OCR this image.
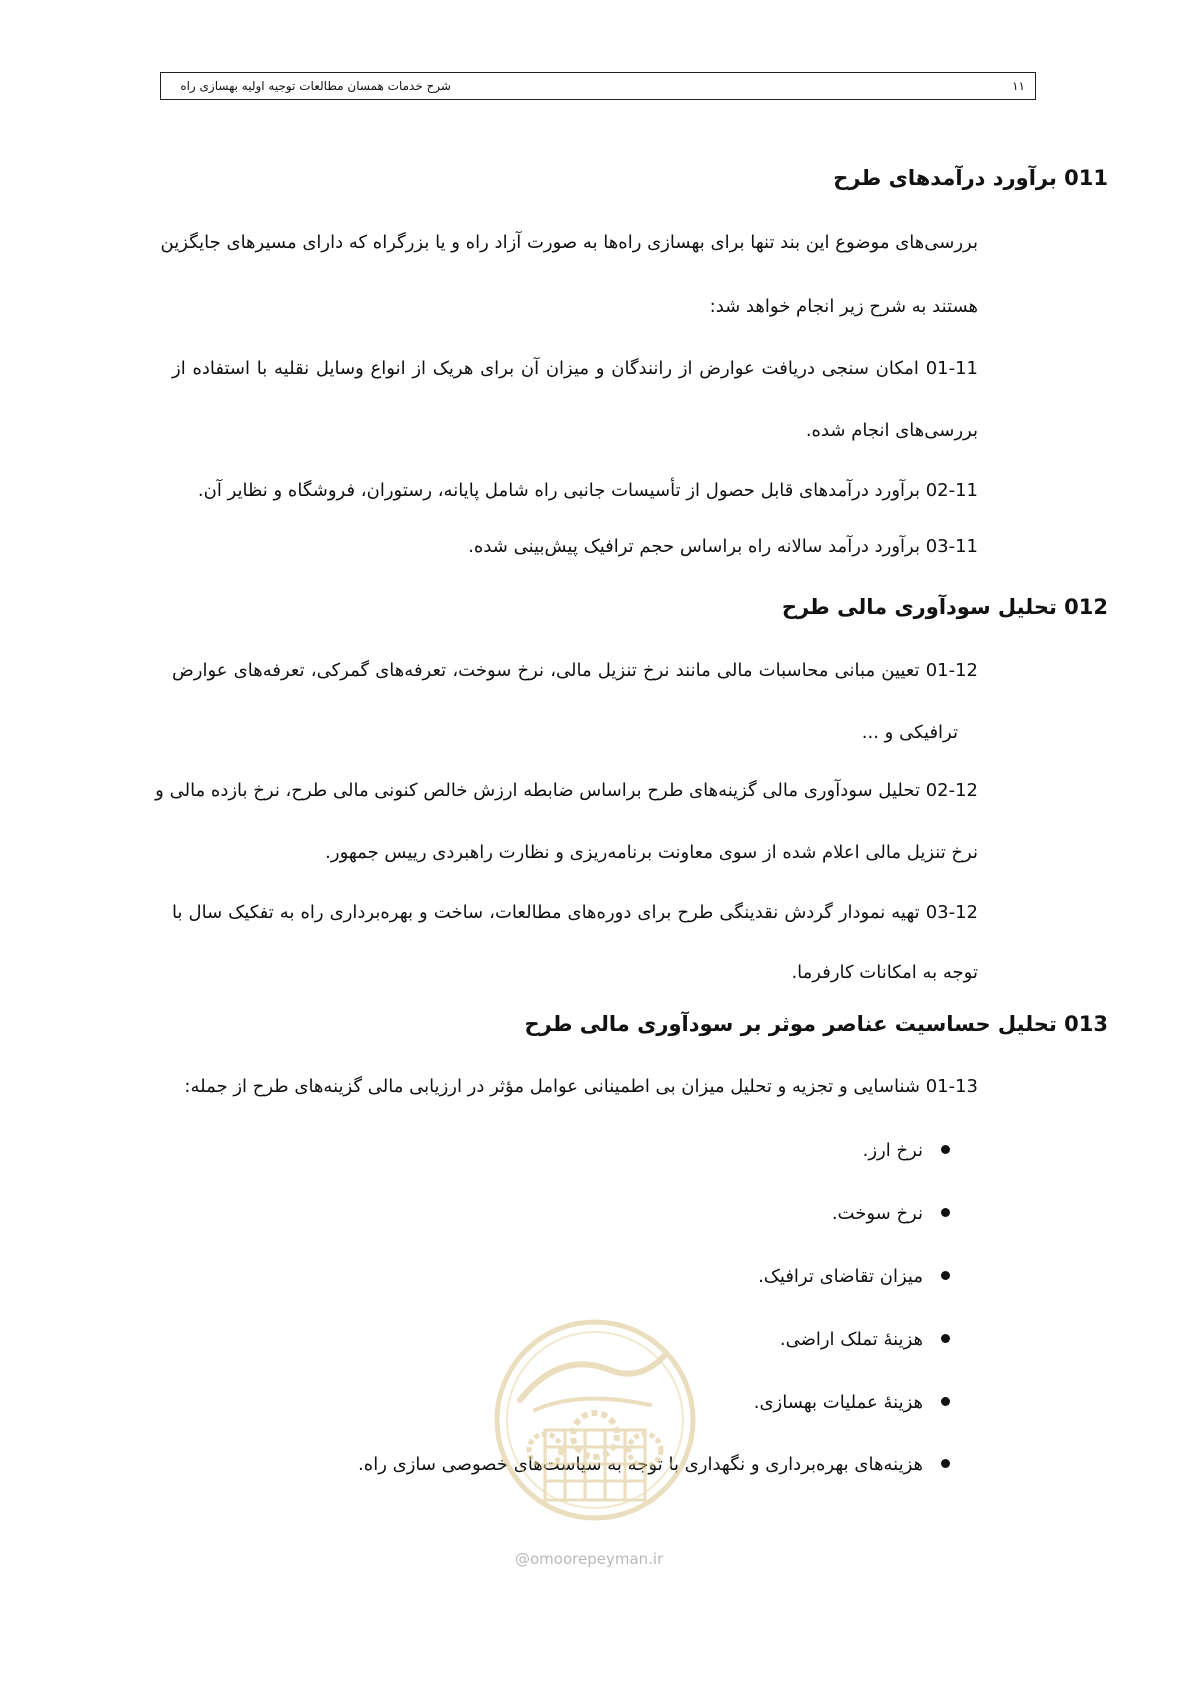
شرح خدمات همسان مطالعات توجیه اولیه بهسازی راه	۱۱
011 برآورد درآمدهای طرح
بررسی‌های موضوع این بند تنها برای بهسازی راه‌ها به صورت آزاد راه و یا بزرگراه که دارای مسیرهای جایگزین
هستند به شرح زیر انجام خواهد شد:
01-11 امکان سنجی دریافت عوارض از رانندگان و میزان آن برای هریک از انواع وسایل نقلیه با استفاده از
بررسی‌های انجام شده.
02-11 برآورد درآمدهای قابل حصول از تأسیسات جانبی راه شامل پایانه، رستوران، فروشگاه و نظایر آن.
03-11 برآورد درآمد سالانه راه براساس حجم ترافیک پیش‌بینی شده.
012 تحلیل سودآوری مالی طرح
01-12 تعیین مبانی محاسبات مالی مانند نرخ تنزیل مالی، نرخ سوخت، تعرفه‌های گمرکی، تعرفه‌های عوارض
ترافیکی و ...
02-12 تحلیل سودآوری مالی گزینه‌های طرح براساس ضابطه ارزش خالص کنونی مالی طرح، نرخ بازده مالی و
نرخ تنزیل مالی اعلام شده از سوی معاونت برنامه‌ریزی و نظارت راهبردی رییس جمهور.
03-12 تهیه نمودار گردش نقدینگی طرح برای دوره‌های مطالعات، ساخت و بهره‌برداری راه به تفکیک سال با
توجه به امکانات کارفرما.
013 تحلیل حساسیت عناصر موثر بر سودآوری مالی طرح
01-13 شناسایی و تجزیه و تحلیل میزان بی اطمینانی عوامل مؤثر در ارزیابی مالی گزینه‌های طرح از جمله:
نرخ ارز.
نرخ سوخت.
میزان تقاضای ترافیک.
هزینهٔ تملک اراضی.
هزینهٔ عملیات بهسازی.
هزینه‌های بهره‌برداری و نگهداری با توجه به سیاست‌های خصوصی سازی راه.
@omoorepeyman.ir
